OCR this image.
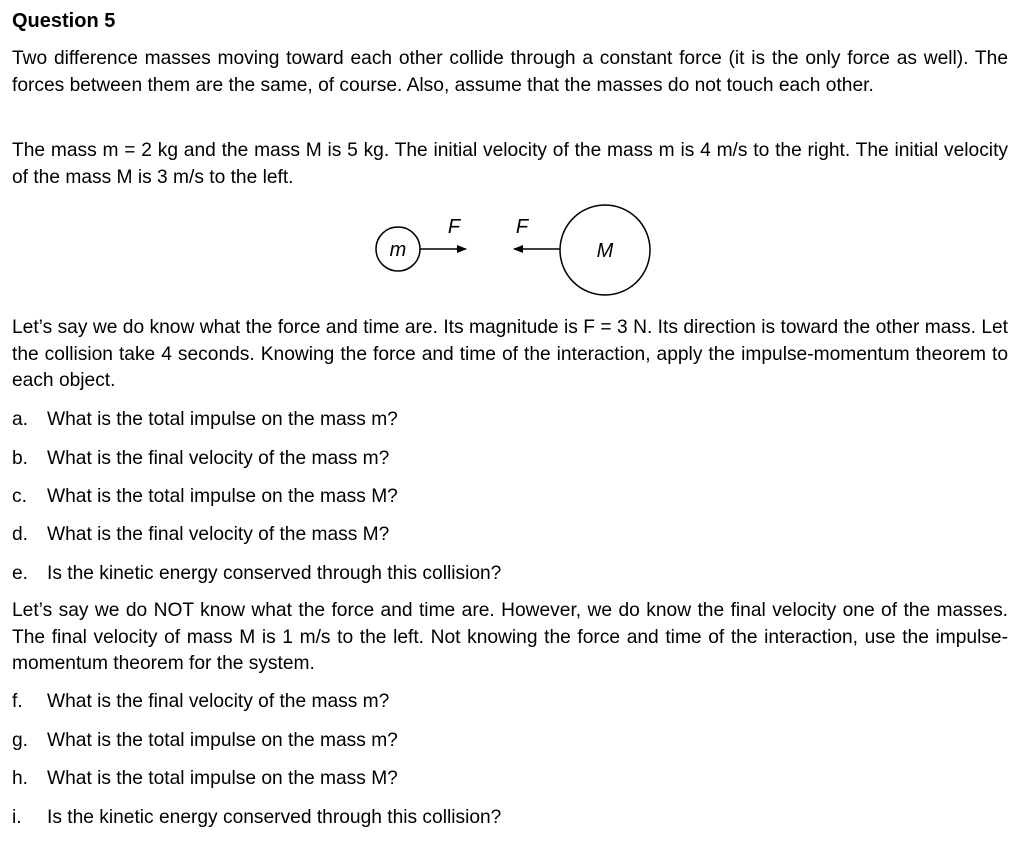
Question 5
Two difference masses moving toward each other collide through a constant force (it is the only force as well). The forces between them are the same, of course. Also, assume that the masses do not touch each other.
The mass m = 2 kg and the mass M is 5 kg. The initial velocity of the mass m is 4 m/s to the right. The initial velocity of the mass M is 3 m/s to the left.
m
F	F
M
Let’s say we do know what the force and time are. Its magnitude is F = 3 N. Its direction is toward the other mass. Let the collision take 4 seconds. Knowing the force and time of the interaction, apply the impulse-momentum theorem to each object.
a. What is the total impulse on the mass m?
b. What is the final velocity of the mass m?
c. What is the total impulse on the mass M?
d. What is the final velocity of the mass M?
e. Is the kinetic energy conserved through this collision?
Let’s say we do NOT know what the force and time are. However, we do know the final velocity one of the masses. The final velocity of mass M is 1 m/s to the left. Not knowing the force and time of the interaction, use the impulse-momentum theorem for the system.
f. What is the final velocity of the mass m?
g. What is the total impulse on the mass m?
h. What is the total impulse on the mass M?
i. Is the kinetic energy conserved through this collision?
